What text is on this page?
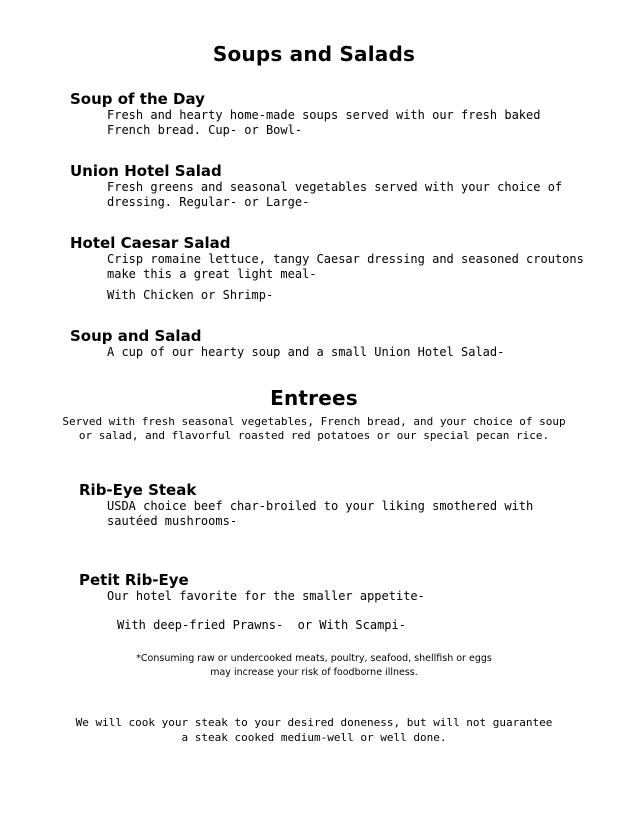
Soups and Salads
Soup of the Day

Fresh and hearty home-made soups served with our fresh baked

French bread. Cup- or Bowl-

Union Hotel Salad

Fresh greens and seasonal vegetables served with your choice of

dressing. Regular- or Large-

Hotel Caesar Salad

Crisp romaine lettuce, tangy Caesar dressing and seasoned croutons

make this a great light meal-

With Chicken or Shrimp-

Soup and Salad

A cup of our hearty soup and a small Union Hotel Salad-

Entrees

Served with fresh seasonal vegetables, French bread, and your choice of soup

or salad, and flavorful roasted red potatoes or our special pecan rice.

Rib-Eye Steak

USDA choice beef char-broiled to your liking smothered with

sautéed mushrooms-

Petit Rib-Eye

Our hotel favorite for the smaller appetite-

With deep-fried Prawns-  or With Scampi-

*Consuming raw or undercooked meats, poultry, seafood, shellfish or eggs

may increase your risk of foodborne illness.

We will cook your steak to your desired doneness, but will not guarantee

a steak cooked medium-well or well done.
